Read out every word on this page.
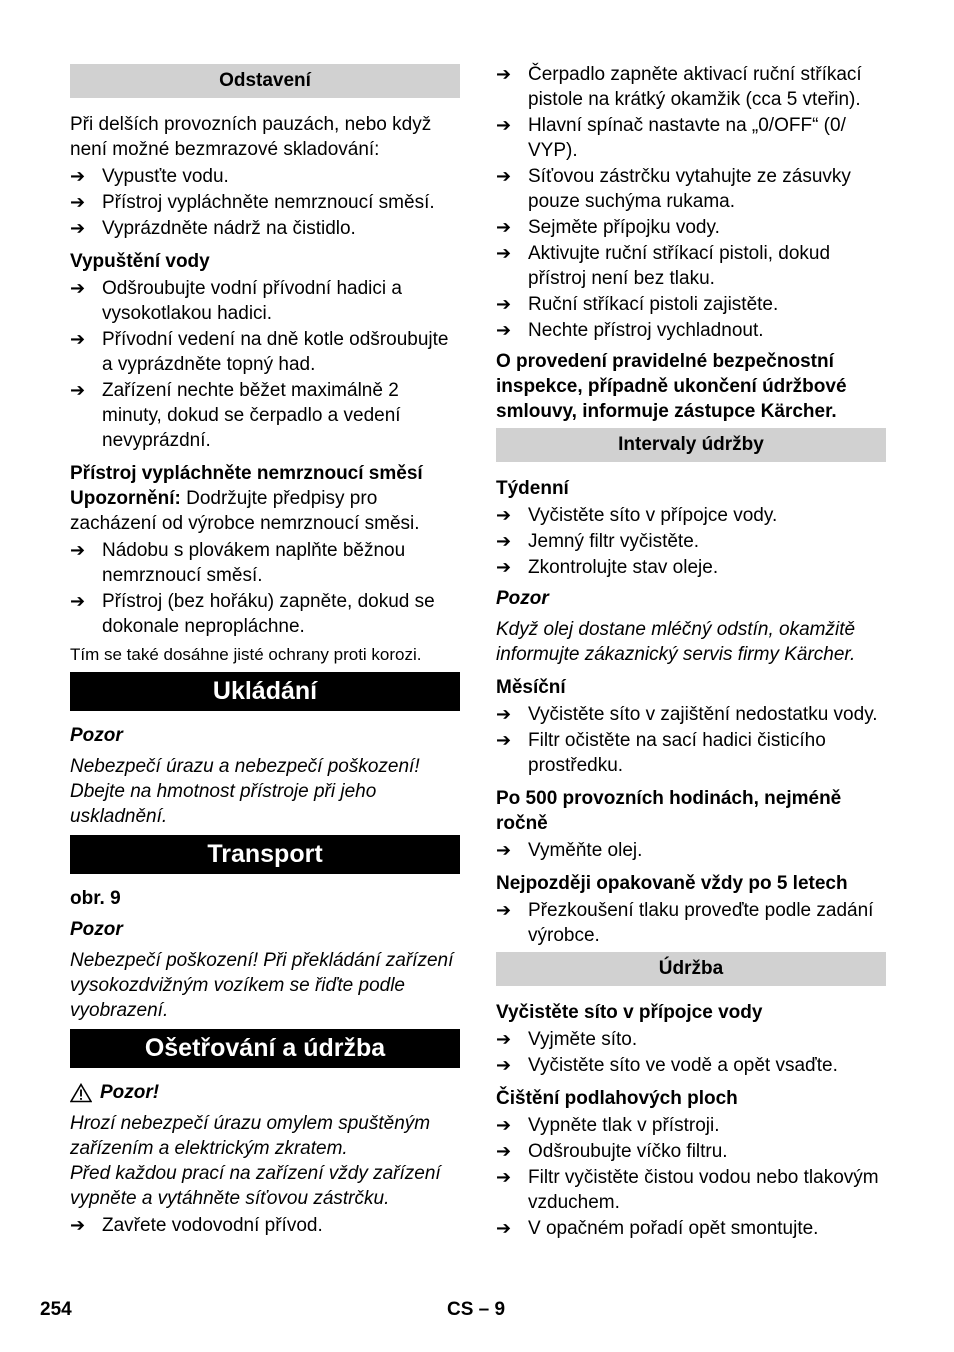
Odstavení

Při delších provozních pauzách, nebo když není možné bezmrazové skladování:

➔ Vypusťte vodu.
➔ Přístroj vypláchněte nemrznoucí směsí.
➔ Vyprázdněte nádrž na čistidlo.
Vypuštění vody
➔ Odšroubujte vodní přívodní hadici a vysokotlakou hadici.
➔ Přívodní vedení na dně kotle odšroubujte a vyprázdněte topný had.
➔ Zařízení nechte běžet maximálně 2 minuty, dokud se čerpadlo a vedení nevyprázdní.
Přístroj vypláchněte nemrznoucí směsí

Upozornění: Dodržujte předpisy pro zacházení od výrobce nemrznoucí směsi.

➔ Nádobu s plovákem naplňte běžnou nemrznoucí směsí.
➔ Přístroj (bez hořáku) zapněte, dokud se dokonale nepropláchne.

Tím se také dosáhne jisté ochrany proti korozi.

Ukládání

Pozor

Nebezpečí úrazu a nebezpečí poškození! Dbejte na hmotnost přístroje při jeho uskladnění.

Transport

obr. 9

Pozor

Nebezpečí poškození! Při překládání zařízení vysokozdvižným vozíkem se řiďte podle vyobrazení.

Ošetřování a údržba
Pozor!

Hrozí nebezpečí úrazu omylem spuštěným zařízením a elektrickým zkratem.

Před každou prací na zařízení vždy zařízení vypněte a vytáhněte síťovou zástrčku.

➔ Zavřete vodovodní přívod.
➔ Čerpadlo zapněte aktivací ruční stříkací pistole na krátký okamžik (cca 5 vteřin).
➔ Hlavní spínač nastavte na „0/OFF“ (0/ VYP).
➔ Síťovou zástrčku vytahujte ze zásuvky pouze suchýma rukama.
➔ Sejměte přípojku vody.
➔ Aktivujte ruční stříkací pistoli, dokud přístroj není bez tlaku.
➔ Ruční stříkací pistoli zajistěte.
➔ Nechte přístroj vychladnout.

O provedení pravidelné bezpečnostní inspekce, případně ukončení údržbové smlouvy, informuje zástupce Kärcher.

Intervaly údržby
Týdenní
➔ Vyčistěte síto v přípojce vody.
➔ Jemný filtr vyčistěte.
➔ Zkontrolujte stav oleje.

Pozor

Když olej dostane mléčný odstín, okamžitě informujte zákaznický servis firmy Kärcher.

Měsíční
➔ Vyčistěte síto v zajištění nedostatku vody.
➔ Filtr očistěte na sací hadici čisticího prostředku.
Po 500 provozních hodinách, nejméně ročně
➔ Vyměňte olej.
Nejpozději opakovaně vždy po 5 letech
➔ Přezkoušení tlaku proveďte podle zadání výrobce.
Údržba
Vyčistěte síto v přípojce vody
➔ Vyjměte síto.
➔ Vyčistěte síto ve vodě a opět vsaďte.
Čištění podlahových ploch
➔ Vypněte tlak v přístroji.
➔ Odšroubujte víčko filtru.
➔ Filtr vyčistěte čistou vodou nebo tlakovým vzduchem.
➔ V opačném pořadí opět smontujte.
254	CS – 9
